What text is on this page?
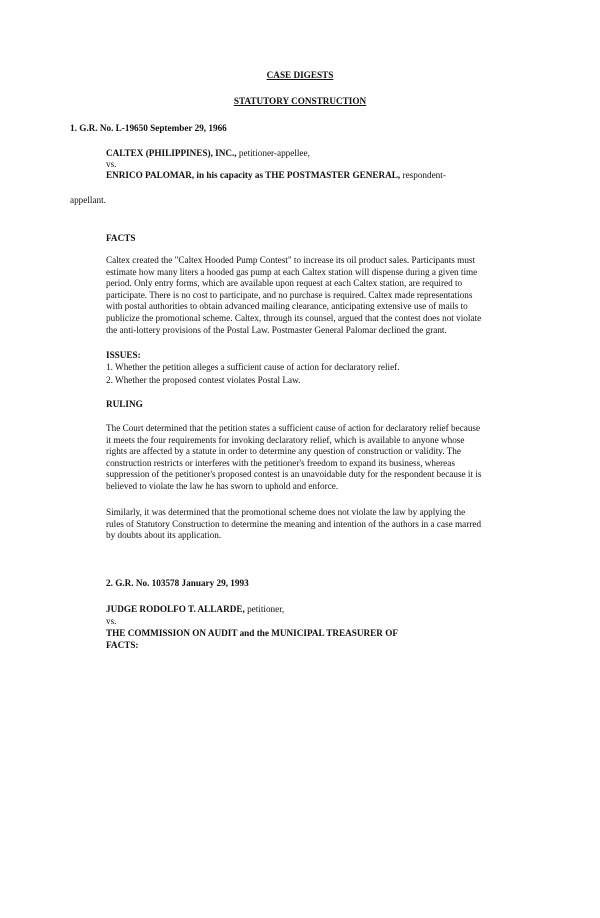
CASE DIGESTS
STATUTORY CONSTRUCTION
1. G.R. No. L-19650 September 29, 1966
CALTEX (PHILIPPINES), INC., petitioner-appellee,
vs.
ENRICO PALOMAR, in his capacity as THE POSTMASTER GENERAL, respondent-
appellant.
FACTS
Caltex created the "Caltex Hooded Pump Contest" to increase its oil product sales. Participants must
estimate how many liters a hooded gas pump at each Caltex station will dispense during a given time
period. Only entry forms, which are available upon request at each Caltex station, are required to
participate. There is no cost to participate, and no purchase is required. Caltex made representations
with postal authorities to obtain advanced mailing clearance, anticipating extensive use of mails to
publicize the promotional scheme. Caltex, through its counsel, argued that the contest does not violate
the anti-lottery provisions of the Postal Law. Postmaster General Palomar declined the grant.
ISSUES:
1. Whether the petition alleges a sufficient cause of action for declaratory relief.
2. Whether the proposed contest violates Postal Law.
RULING
The Court determined that the petition states a sufficient cause of action for declaratory relief because
it meets the four requirements for invoking declaratory relief, which is available to anyone whose
rights are affected by a statute in order to determine any question of construction or validity. The
construction restricts or interferes with the petitioner's freedom to expand its business, whereas
suppression of the petitioner's proposed contest is an unavoidable duty for the respondent because it is
believed to violate the law he has sworn to uphold and enforce.
Similarly, it was determined that the promotional scheme does not violate the law by applying the
rules of Statutory Construction to determine the meaning and intention of the authors in a case marred
by doubts about its application.
2. G.R. No. 103578 January 29, 1993
JUDGE RODOLFO T. ALLARDE, petitioner,
vs.
THE COMMISSION ON AUDIT and the MUNICIPAL TREASURER OF
FACTS:
